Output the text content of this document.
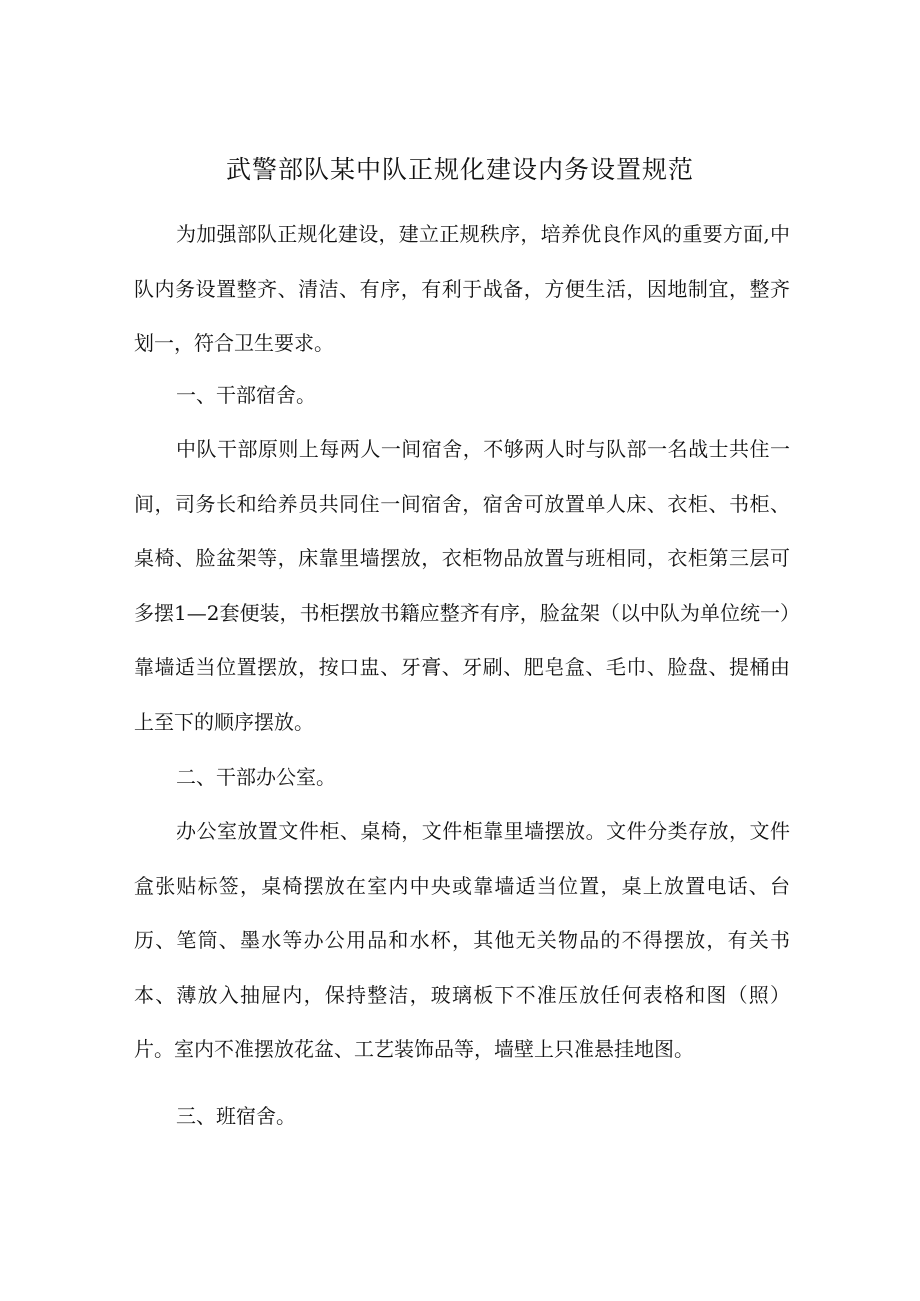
武警部队某中队正规化建设内务设置规范

为加强部队正规化建设，建立正规秩序，培养优良作风的重要方面,中队内务设置整齐、清洁、有序，有利于战备，方便生活，因地制宜，整齐划一，符合卫生要求。

一、干部宿舍。

中队干部原则上每两人一间宿舍，不够两人时与队部一名战士共住一间，司务长和给养员共同住一间宿舍，宿舍可放置单人床、衣柜、书柜、桌椅、脸盆架等，床靠里墙摆放，衣柜物品放置与班相同，衣柜第三层可多摆1—2套便装，书柜摆放书籍应整齐有序，脸盆架（以中队为单位统一）靠墙适当位置摆放，按口盅、牙膏、牙刷、肥皂盒、毛巾、脸盘、提桶由上至下的顺序摆放。

二、干部办公室。

办公室放置文件柜、桌椅，文件柜靠里墙摆放。文件分类存放，文件盒张贴标签，桌椅摆放在室内中央或靠墙适当位置，桌上放置电话、台历、笔筒、墨水等办公用品和水杯，其他无关物品的不得摆放，有关书本、薄放入抽屉内，保持整洁，玻璃板下不准压放任何表格和图（照）片。室内不准摆放花盆、工艺装饰品等，墙壁上只准悬挂地图。

三、班宿舍。
